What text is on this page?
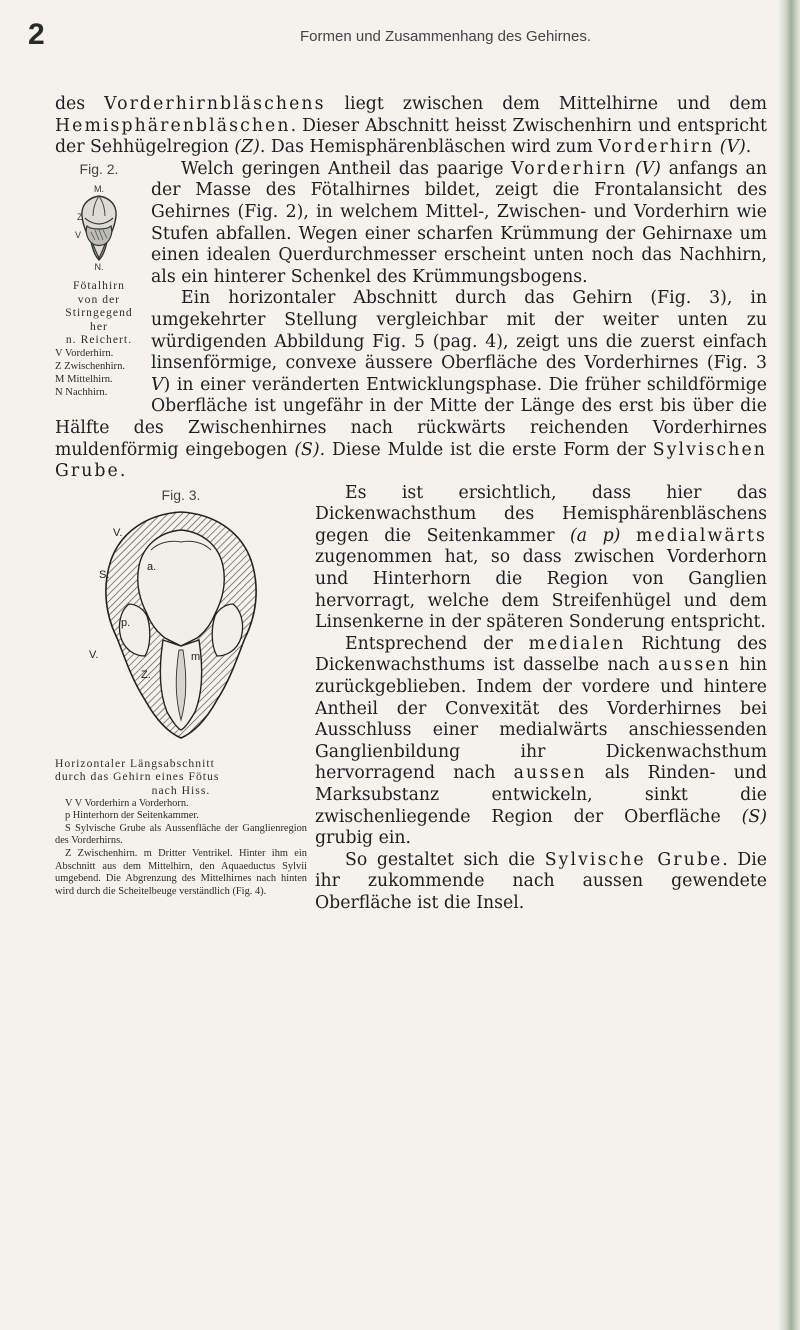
2	Formen und Zusammenhang des Gehirnes.

des Vorderhirnbläschens liegt zwischen dem Mittelhirne und dem Hemisphärenbläschen. Dieser Abschnitt heisst Zwischenhirn und entspricht der Sehhügelregion (Z). Das Hemisphärenbläschen wird zum Vorderhirn (V).

Fig. 2.
M.
Z
V
N.
Fötalhirn
von der Stirngegend her
n. Reichert.
V Vorderhirn.
Z Zwischenhirn.
M Mittelhirn.
N Nachhirn.

Welch geringen Antheil das paarige Vorderhirn (V) anfangs an der Masse des Fötalhirnes bildet, zeigt die Frontalansicht des Gehirnes (Fig. 2), in welchem Mittel-, Zwischen- und Vorderhirn wie Stufen abfallen. Wegen einer scharfen Krümmung der Gehirnaxe um einen idealen Querdurchmesser erscheint unten noch das Nachhirn, als ein hinterer Schenkel des Krümmungsbogens.

Ein horizontaler Abschnitt durch das Gehirn (Fig. 3), in umgekehrter Stellung vergleichbar mit der weiter unten zu würdigenden Abbildung Fig. 5 (pag. 4), zeigt uns die zuerst einfach linsenförmige, convexe äussere Oberfläche des Vorderhirnes (Fig. 3 V) in einer veränderten Entwicklungsphase. Die früher schildförmige Oberfläche ist ungefähr in der Mitte der Länge des erst bis über die Hälfte des Zwischenhirnes nach rückwärts reichenden Vorderhirnes muldenförmig eingebogen (S). Diese Mulde ist die erste Form der Sylvischen Grube.

Fig. 3.
V.
a.
S.
p.
V.
Z.
m.
Horizontaler Längsabschnitt
durch das Gehirn eines Fötus
nach Hiss.
V V Vorderhirn a Vorderhorn.
p Hinterhorn der Seitenkammer.
S Sylvische Grube als Aussenfläche der Ganglienregion des Vorderhirns.
Z Zwischenhirn. m Dritter Ventrikel. Hinter ihm ein Abschnitt aus dem Mittelhirn, den Aquaeductus Sylvii umgebend. Die Abgrenzung des Mittelhirnes nach hinten wird durch die Scheitelbeuge verständlich (Fig. 4).

Es ist ersichtlich, dass hier das Dickenwachsthum des Hemisphärenbläschens gegen die Seitenkammer (a p) medialwärts zugenommen hat, so dass zwischen Vorderhorn und Hinterhorn die Region von Ganglien hervorragt, welche dem Streifenhügel und dem Linsenkerne in der späteren Sonderung entspricht.

Entsprechend der medialen Richtung des Dickenwachsthums ist dasselbe nach aussen hin zurückgeblieben. Indem der vordere und hintere Antheil der Convexität des Vorderhirnes bei Ausschluss einer medialwärts anschiessenden Ganglienbildung ihr Dickenwachsthum hervorragend nach aussen als Rinden- und Marksubstanz entwickeln, sinkt die zwischenliegende Region der Oberfläche (S) grubig ein.

So gestaltet sich die Sylvische Grube. Die ihr zukommende nach aussen gewendete Oberfläche ist die Insel.
